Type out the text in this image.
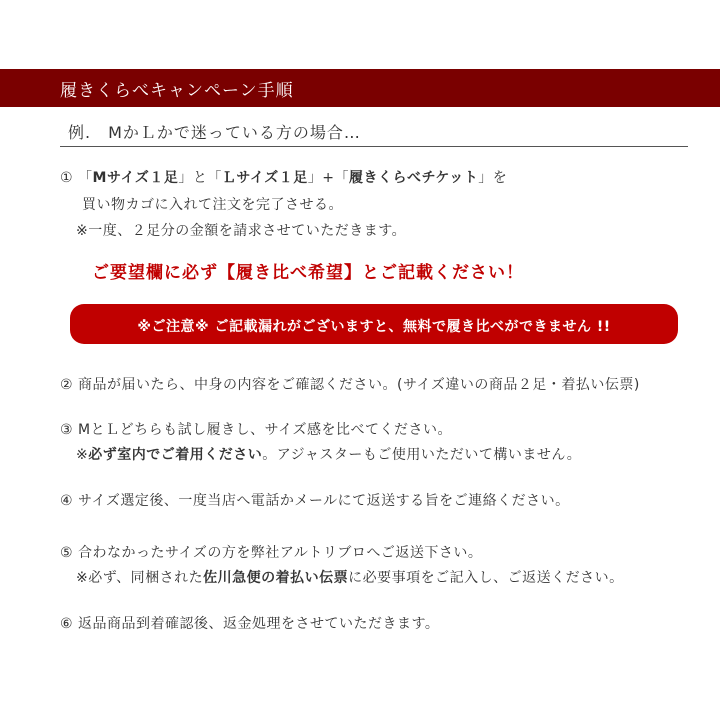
履きくらべキャンペーン手順
例.　MかＬかで迷っている方の場合…
① 「Mサイズ１足」と「Ｌサイズ１足」+「履きくらべチケット」を
買い物カゴに入れて注文を完了させる。
※一度、２足分の金額を請求させていただきます。
ご要望欄に必ず【履き比べ希望】とご記載ください！
※ご注意※ ご記載漏れがございますと、無料で履き比べができません !!
② 商品が届いたら、中身の内容をご確認ください。(サイズ違いの商品２足・着払い伝票)
③ MとＬどちらも試し履きし、サイズ感を比べてください。
※必ず室内でご着用ください。アジャスターもご使用いただいて構いません。
④ サイズ選定後、一度当店へ電話かメールにて返送する旨をご連絡ください。
⑤ 合わなかったサイズの方を弊社アルトリブロへご返送下さい。
※必ず、同梱された佐川急便の着払い伝票に必要事項をご記入し、ご返送ください。
⑥ 返品商品到着確認後、返金処理をさせていただきます。
